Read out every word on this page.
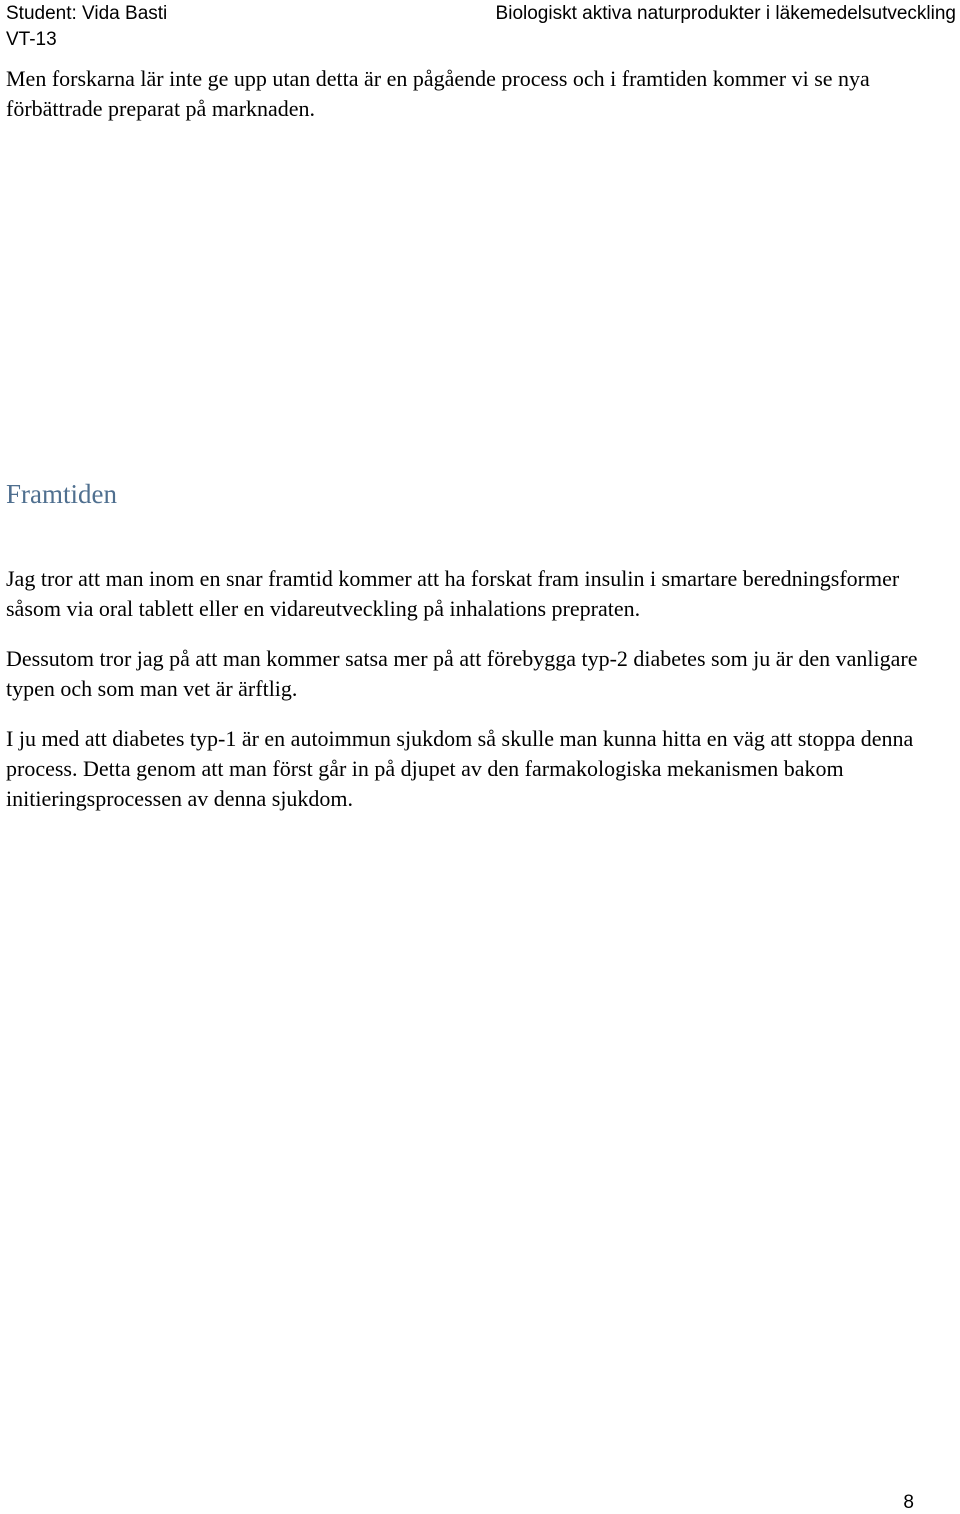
Student: Vida Basti
VT-13
Biologiskt aktiva naturprodukter i läkemedelsutveckling

Men forskarna lär inte ge upp utan detta är en pågående process och i framtiden kommer vi se nya förbättrade preparat på marknaden.

Framtiden

Jag tror att man inom en snar framtid kommer att ha forskat fram insulin i smartare beredningsformer såsom via oral tablett eller en vidareutveckling på inhalations prepraten.

Dessutom tror jag på att man kommer satsa mer på att förebygga typ-2 diabetes som ju är den vanligare typen och som man vet är ärftlig.

I ju med att diabetes typ-1 är en autoimmun sjukdom så skulle man kunna hitta en väg att stoppa denna process. Detta genom att man först går in på djupet av den farmakologiska mekanismen bakom initieringsprocessen av denna sjukdom.

8
